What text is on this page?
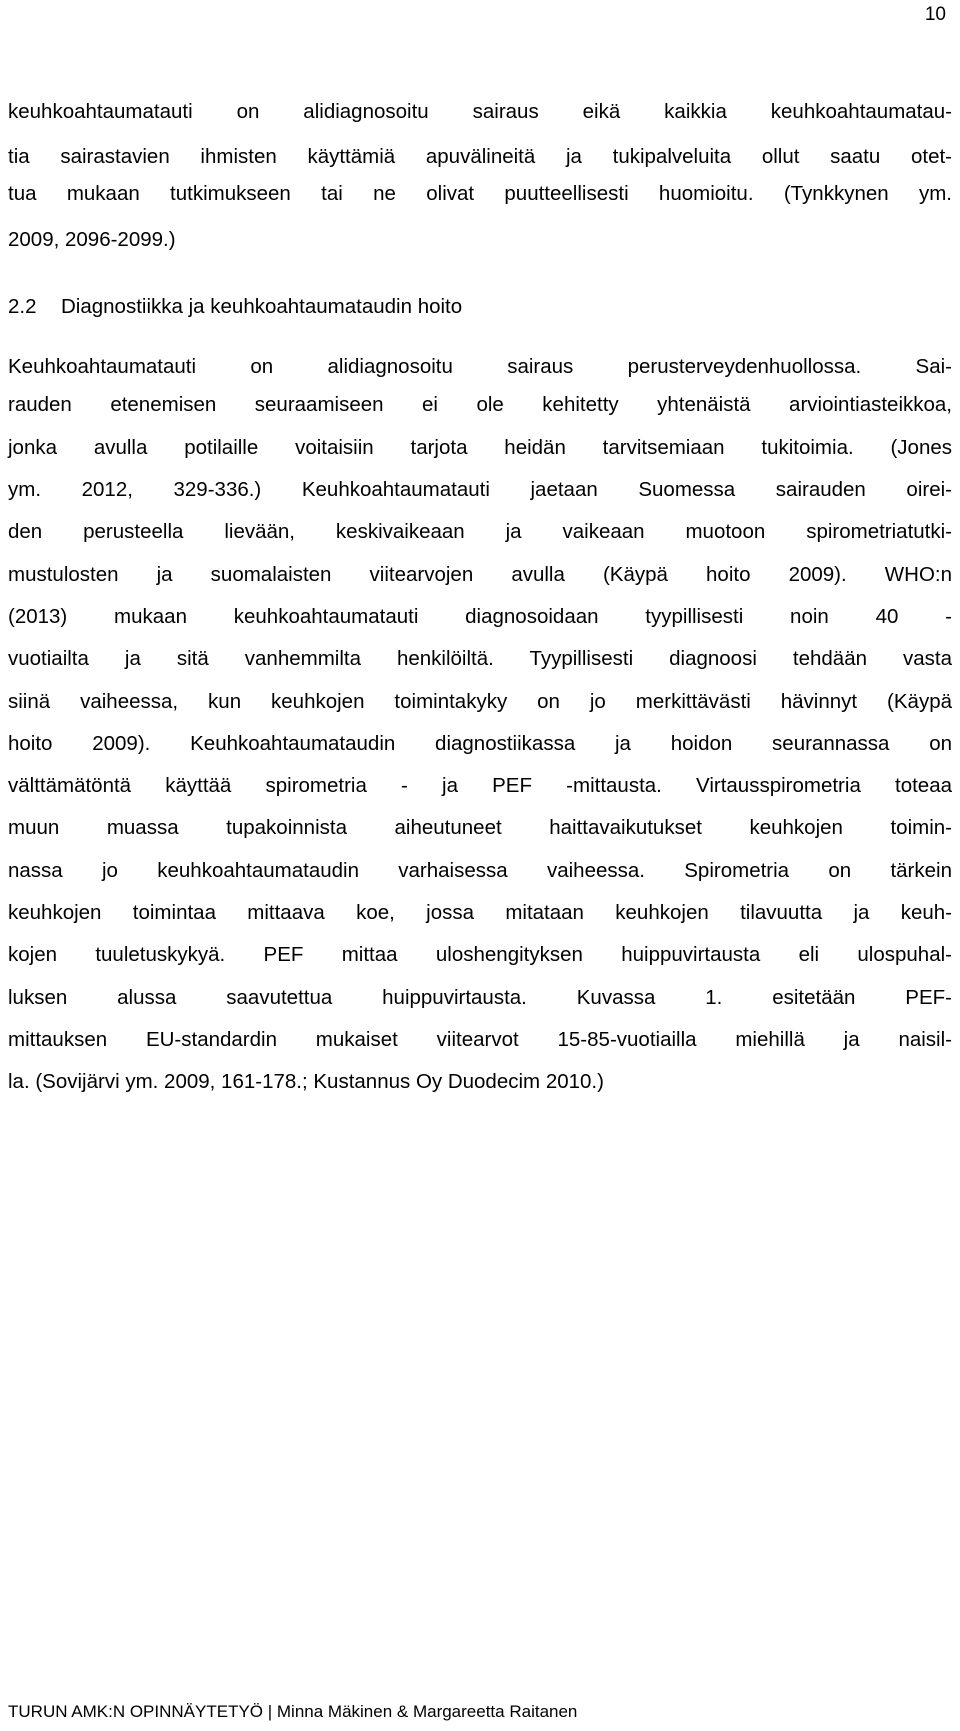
10
keuhkoahtaumatauti on alidiagnosoitu sairaus eikä kaikkia keuhkoahtaumatau-
tia sairastavien ihmisten käyttämiä apuvälineitä ja tukipalveluita ollut saatu otet-
tua mukaan tutkimukseen tai ne olivat puutteellisesti huomioitu. (Tynkkynen ym.
2009, 2096-2099.)
2.2 Diagnostiikka ja keuhkoahtaumataudin hoito
Keuhkoahtaumatauti on alidiagnosoitu sairaus perusterveydenhuollossa. Sai-
rauden etenemisen seuraamiseen ei ole kehitetty yhtenäistä arviointiasteikkoa,
jonka avulla potilaille voitaisiin tarjota heidän tarvitsemiaan tukitoimia. (Jones
ym. 2012, 329-336.) Keuhkoahtaumatauti jaetaan Suomessa sairauden oirei-
den perusteella lievään, keskivaikeaan ja vaikeaan muotoon spirometriatutki-
mustulosten ja suomalaisten viitearvojen avulla (Käypä hoito 2009). WHO:n
(2013) mukaan keuhkoahtaumatauti diagnosoidaan tyypillisesti noin 40 -
vuotiailta ja sitä vanhemmilta henkilöiltä. Tyypillisesti diagnoosi tehdään vasta
siinä vaiheessa, kun keuhkojen toimintakyky on jo merkittävästi hävinnyt (Käypä
hoito 2009). Keuhkoahtaumataudin diagnostiikassa ja hoidon seurannassa on
välttämätöntä käyttää spirometria - ja PEF -mittausta. Virtausspirometria toteaa
muun muassa tupakoinnista aiheutuneet haittavaikutukset keuhkojen toimin-
nassa jo keuhkoahtaumataudin varhaisessa vaiheessa. Spirometria on tärkein
keuhkojen toimintaa mittaava koe, jossa mitataan keuhkojen tilavuutta ja keuh-
kojen tuuletuskykyä. PEF mittaa uloshengityksen huippuvirtausta eli ulospuhal-
luksen alussa saavutettua huippuvirtausta. Kuvassa 1. esitetään PEF-
mittauksen EU-standardin mukaiset viitearvot 15-85-vuotiailla miehillä ja naisil-
la. (Sovijärvi ym. 2009, 161-178.; Kustannus Oy Duodecim 2010.)
TURUN AMK:N OPINNÄYTETYÖ | Minna Mäkinen & Margareetta Raitanen
